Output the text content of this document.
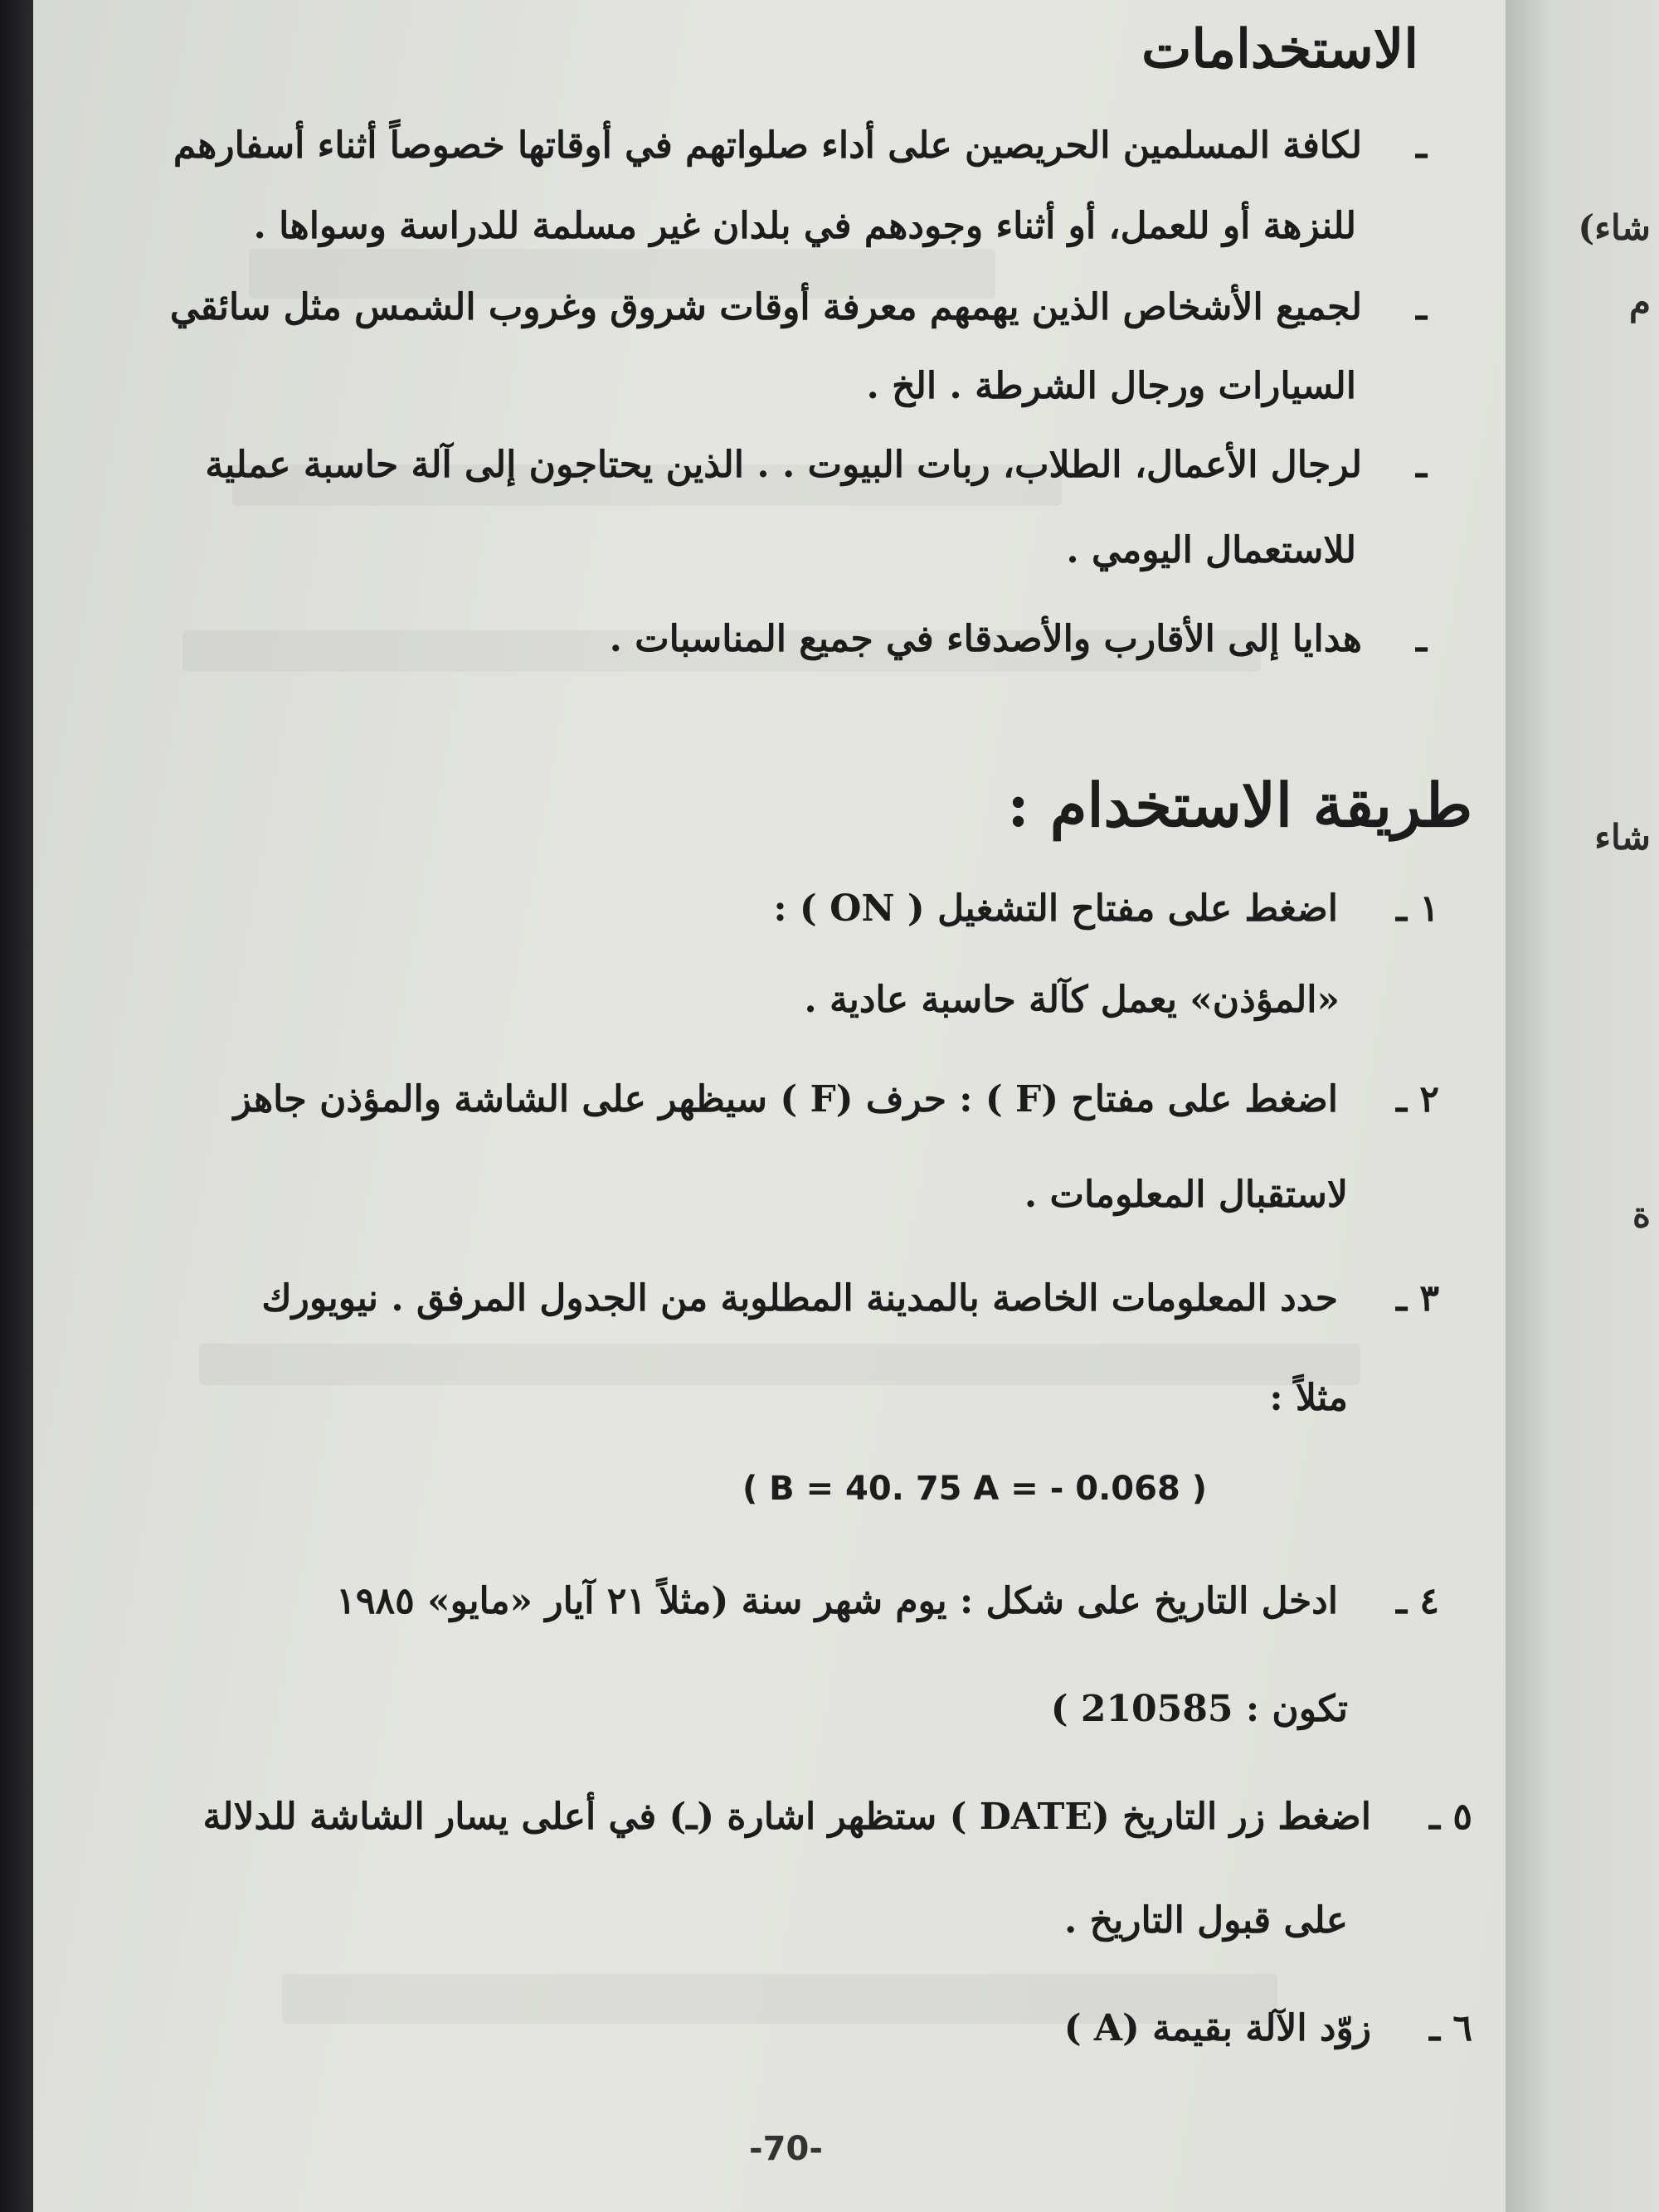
الاستخدامات
ـلكافة المسلمين الحريصين على أداء صلواتهم في أوقاتها خصوصاً أثناء أسفارهم
للنزهة أو للعمل، أو أثناء وجودهم في بلدان غير مسلمة للدراسة وسواها .
ـلجميع الأشخاص الذين يهمهم معرفة أوقات شروق وغروب الشمس مثل سائقي
السيارات ورجال الشرطة . الخ .
ـلرجال الأعمال، الطلاب، ربات البيوت . . الذين يحتاجون إلى آلة حاسبة عملية
للاستعمال اليومي .
ـهدايا إلى الأقارب والأصدقاء في جميع المناسبات .
طريقة الاستخدام :
١ ـاضغط على مفتاح التشغيل ( ON ) :
«المؤذن» يعمل كآلة حاسبة عادية .
٢ ـاضغط على مفتاح (F ) : حرف (F ) سيظهر على الشاشة والمؤذن جاهز
لاستقبال المعلومات .
٣ ـحدد المعلومات الخاصة بالمدينة المطلوبة من الجدول المرفق . نيويورك
مثلاً :
( B = 40. 75 A = - 0.068 )
٤ ـادخل التاريخ على شكل : يوم شهر سنة (مثلاً ٢١ آيار «مايو» ١٩٨٥
تكون : 210585 )
٥ ـاضغط زر التاريخ (DATE ) ستظهر اشارة (ـ) في أعلى يسار الشاشة للدلالة
على قبول التاريخ .
٦ ـزوّد الآلة بقيمة (A )
-70-
شاء)
م
شاء
ة
